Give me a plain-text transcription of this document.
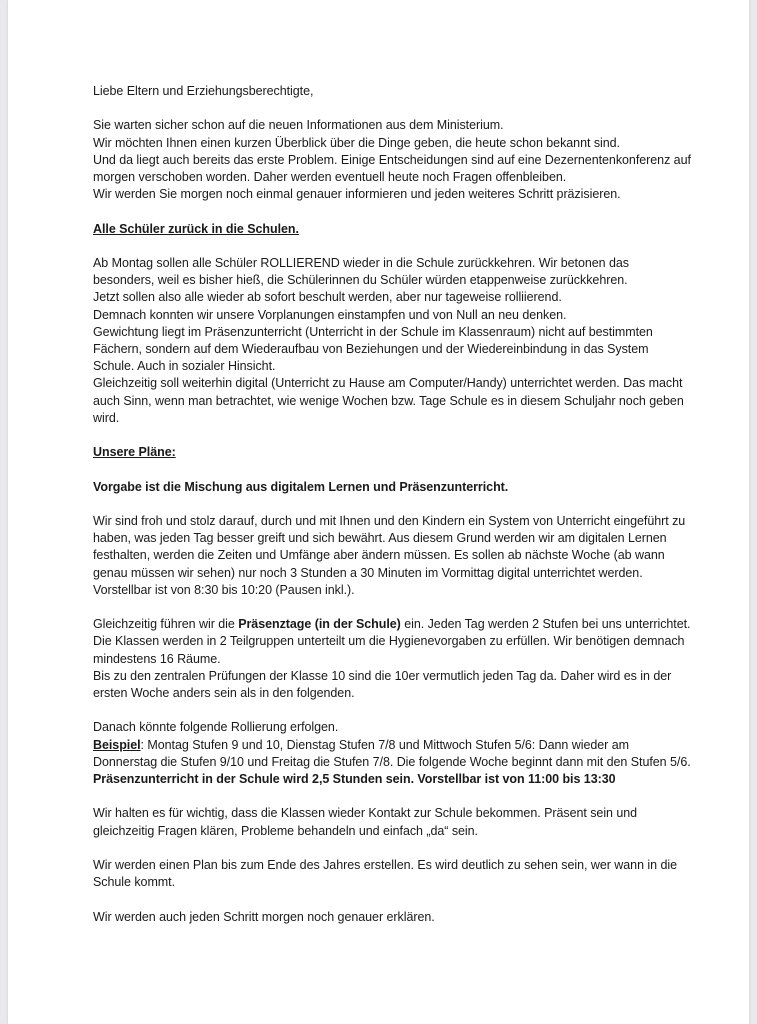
Liebe Eltern und Erziehungsberechtigte,

Sie warten sicher schon auf die neuen Informationen aus dem Ministerium.
Wir möchten Ihnen einen kurzen Überblick über die Dinge geben, die heute schon bekannt sind.
Und da liegt auch bereits das erste Problem. Einige Entscheidungen sind auf eine Dezernentenkonferenz auf morgen verschoben worden. Daher werden eventuell heute noch Fragen offenbleiben.
Wir werden Sie morgen noch einmal genauer informieren und jeden weiteres Schritt präzisieren.

Alle Schüler zurück in die Schulen.

Ab Montag sollen alle Schüler ROLLIEREND wieder in die Schule zurückkehren. Wir betonen das besonders, weil es bisher hieß, die Schülerinnen du Schüler würden etappenweise zurückkehren.
Jetzt sollen also alle wieder ab sofort beschult werden, aber nur tageweise rolliierend.
Demnach konnten wir unsere Vorplanungen einstampfen und von Null an neu denken.
Gewichtung liegt im Präsenzunterricht (Unterricht in der Schule im Klassenraum) nicht auf bestimmten Fächern, sondern auf dem Wiederaufbau von Beziehungen und der Wiedereinbindung in das System Schule. Auch in sozialer Hinsicht.
Gleichzeitig soll weiterhin digital (Unterricht zu Hause am Computer/Handy) unterrichtet werden. Das macht auch Sinn, wenn man betrachtet, wie wenige Wochen bzw. Tage Schule es in diesem Schuljahr noch geben wird.

Unsere Pläne:

Vorgabe ist die Mischung aus digitalem Lernen und Präsenzunterricht.

Wir sind froh und stolz darauf, durch und mit Ihnen und den Kindern ein System von Unterricht eingeführt zu haben, was jeden Tag besser greift und sich bewährt. Aus diesem Grund werden wir am digitalen Lernen festhalten, werden die Zeiten und Umfänge aber ändern müssen. Es sollen ab nächste Woche (ab wann genau müssen wir sehen) nur noch 3 Stunden a 30 Minuten im Vormittag digital unterrichtet werden. Vorstellbar ist von 8:30 bis 10:20 (Pausen inkl.).

Gleichzeitig führen wir die Präsenztage (in der Schule) ein. Jeden Tag werden 2 Stufen bei uns unterrichtet.
Die Klassen werden in 2 Teilgruppen unterteilt um die Hygienevorgaben zu erfüllen. Wir benötigen demnach mindestens 16 Räume.
Bis zu den zentralen Prüfungen der Klasse 10 sind die 10er vermutlich jeden Tag da. Daher wird es in der ersten Woche anders sein als in den folgenden.

Danach könnte folgende Rollierung erfolgen.
Beispiel: Montag Stufen 9 und 10, Dienstag Stufen 7/8 und Mittwoch Stufen 5/6: Dann wieder am Donnerstag die Stufen 9/10 und Freitag die Stufen 7/8. Die folgende Woche beginnt dann mit den Stufen 5/6.
Präsenzunterricht in der Schule wird 2,5 Stunden sein. Vorstellbar ist von 11:00 bis 13:30

Wir halten es für wichtig, dass die Klassen wieder Kontakt zur Schule bekommen. Präsent sein und gleichzeitig Fragen klären, Probleme behandeln und einfach „da“ sein.

Wir werden einen Plan bis zum Ende des Jahres erstellen. Es wird deutlich zu sehen sein, wer wann in die Schule kommt.

Wir werden auch jeden Schritt morgen noch genauer erklären.
